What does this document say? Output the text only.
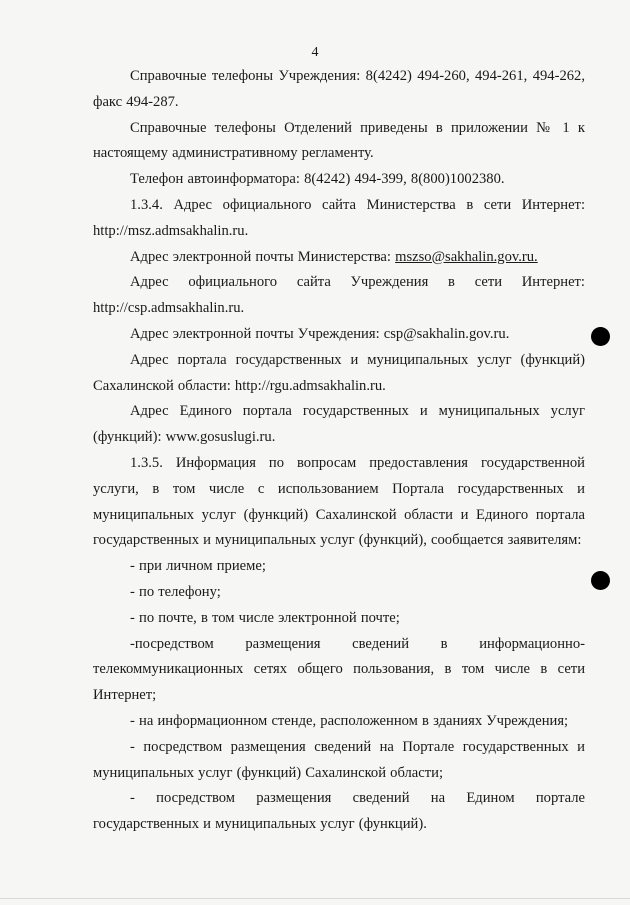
4

Справочные телефоны Учреждения: 8(4242) 494-260, 494-261, 494-262, факс 494-287.

Справочные телефоны Отделений приведены в приложении № 1 к настоящему административному регламенту.

Телефон автоинформатора: 8(4242) 494-399, 8(800)1002380.

1.3.4. Адрес официального сайта Министерства в сети Интернет: http://msz.admsakhalin.ru.

Адрес электронной почты Министерства: mszso@sakhalin.gov.ru.

Адрес официального сайта Учреждения в сети Интернет: http://csp.admsakhalin.ru.

Адрес электронной почты Учреждения: csp@sakhalin.gov.ru.

Адрес портала государственных и муниципальных услуг (функций) Сахалинской области: http://rgu.admsakhalin.ru.

Адрес Единого портала государственных и муниципальных услуг (функций): www.gosuslugi.ru.

1.3.5. Информация по вопросам предоставления государственной услуги, в том числе с использованием Портала государственных и муниципальных услуг (функций) Сахалинской области и Единого портала государственных и муниципальных услуг (функций), сообщается заявителям:

- при личном приеме;

- по телефону;

- по почте, в том числе электронной почте;

-посредством размещения сведений в информационно-телекоммуникационных сетях общего пользования, в том числе в сети Интернет;

- на информационном стенде, расположенном в зданиях Учреждения;

- посредством размещения сведений на Портале государственных и муниципальных услуг (функций) Сахалинской области;

- посредством размещения сведений на Едином портале государственных и муниципальных услуг (функций).
